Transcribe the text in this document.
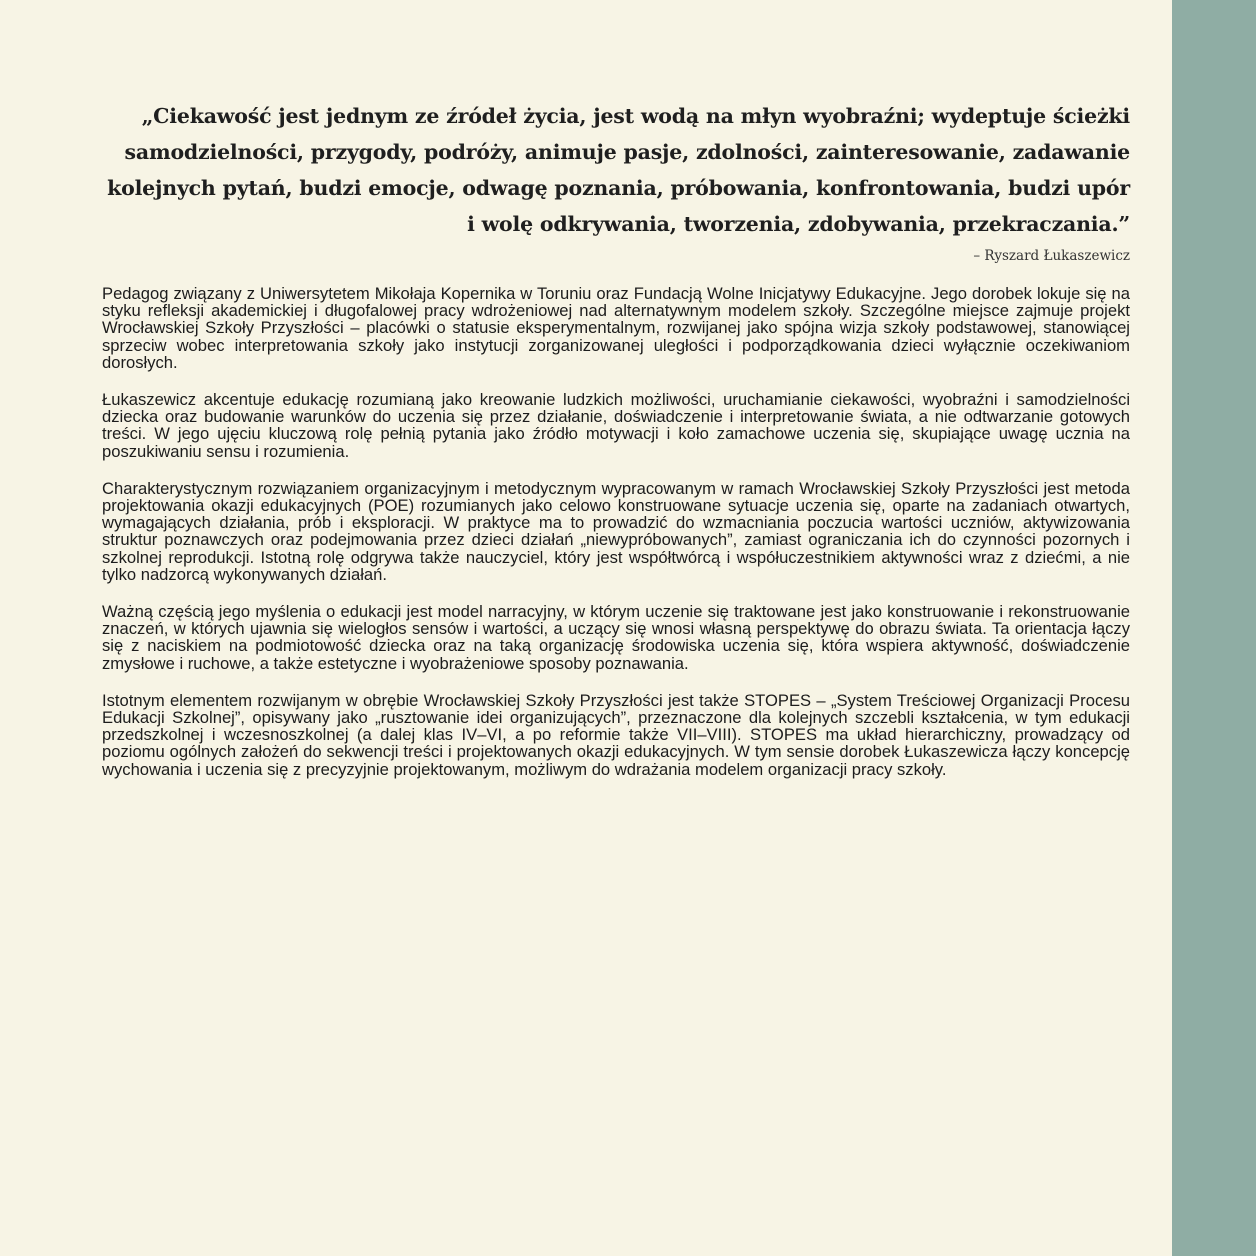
„Ciekawość jest jednym ze źródeł życia, jest wodą na młyn wyobraźni; wydeptuje ścieżki samodzielności, przygody, podróży, animuje pasje, zdolności, zainteresowanie, zadawanie kolejnych pytań, budzi emocje, odwagę poznania, próbowania, konfrontowania, budzi upór i wolę odkrywania, tworzenia, zdobywania, przekraczania.”

– Ryszard Łukaszewicz

Pedagog związany z Uniwersytetem Mikołaja Kopernika w Toruniu oraz Fundacją Wolne Inicjatywy Edukacyjne. Jego dorobek lokuje się na styku refleksji akademickiej i długofalowej pracy wdrożeniowej nad alternatywnym modelem szkoły. Szczególne miejsce zajmuje projekt Wrocławskiej Szkoły Przyszłości – placówki o statusie eksperymentalnym, rozwijanej jako spójna wizja szkoły podstawowej, stanowiącej sprzeciw wobec interpretowania szkoły jako instytucji zorganizowanej uległości i podporządkowania dzieci wyłącznie oczekiwaniom dorosłych.

Łukaszewicz akcentuje edukację rozumianą jako kreowanie ludzkich możliwości, uruchamianie ciekawości, wyobraźni i samodzielności dziecka oraz budowanie warunków do uczenia się przez działanie, doświadczenie i interpretowanie świata, a nie odtwarzanie gotowych treści. W jego ujęciu kluczową rolę pełnią pytania jako źródło motywacji i koło zamachowe uczenia się, skupiające uwagę ucznia na poszukiwaniu sensu i rozumienia.

Charakterystycznym rozwiązaniem organizacyjnym i metodycznym wypracowanym w ramach Wrocławskiej Szkoły Przyszłości jest metoda projektowania okazji edukacyjnych (POE) rozumianych jako celowo konstruowane sytuacje uczenia się, oparte na zadaniach otwartych, wymagających działania, prób i eksploracji. W praktyce ma to prowadzić do wzmacniania poczucia wartości uczniów, aktywizowania struktur poznawczych oraz podejmowania przez dzieci działań „niewypróbowanych”, zamiast ograniczania ich do czynności pozornych i szkolnej reprodukcji. Istotną rolę odgrywa także nauczyciel, który jest współtwórcą i współuczestnikiem aktywności wraz z dziećmi, a nie tylko nadzorcą wykonywanych działań.

Ważną częścią jego myślenia o edukacji jest model narracyjny, w którym uczenie się traktowane jest jako konstruowanie i rekonstruowanie znaczeń, w których ujawnia się wielogłos sensów i wartości, a uczący się wnosi własną perspektywę do obrazu świata. Ta orientacja łączy się z naciskiem na podmiotowość dziecka oraz na taką organizację środowiska uczenia się, która wspiera aktywność, doświadczenie zmysłowe i ruchowe, a także estetyczne i wyobrażeniowe sposoby poznawania.

Istotnym elementem rozwijanym w obrębie Wrocławskiej Szkoły Przyszłości jest także STOPES – „System Treściowej Organizacji Procesu Edukacji Szkolnej”, opisywany jako „rusztowanie idei organizujących”, przeznaczone dla kolejnych szczebli kształcenia, w tym edukacji przedszkolnej i wczesnoszkolnej (a dalej klas IV–VI, a po reformie także VII–VIII). STOPES ma układ hierarchiczny, prowadzący od poziomu ogólnych założeń do sekwencji treści i projektowanych okazji edukacyjnych. W tym sensie dorobek Łukaszewicza łączy koncepcję wychowania i uczenia się z precyzyjnie projektowanym, możliwym do wdrażania modelem organizacji pracy szkoły.
